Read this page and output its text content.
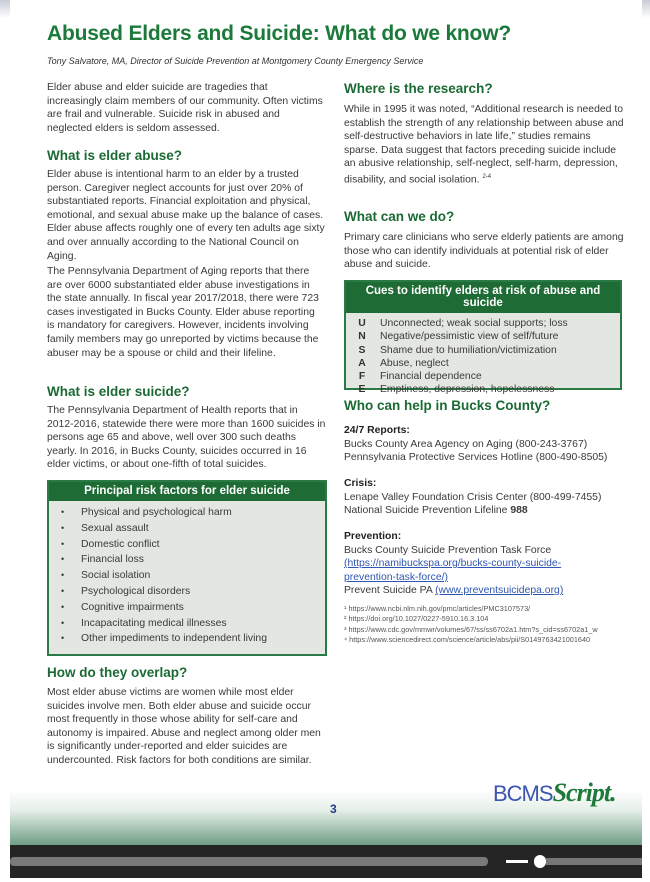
Abused Elders and Suicide: What do we know?
Tony Salvatore, MA, Director of Suicide Prevention at Montgomery County Emergency Service
Elder abuse and elder suicide are tragedies that increasingly claim members of our community. Often victims are frail and vulnerable. Suicide risk in abused and neglected elders is seldom assessed.
What is elder abuse?
Elder abuse is intentional harm to an elder by a trusted person. Caregiver neglect accounts for just over 20% of substantiated reports. Financial exploitation and physical, emotional, and sexual abuse make up the balance of cases. Elder abuse affects roughly one of every ten adults age sixty and over annually according to the National Council on Aging.
The Pennsylvania Department of Aging reports that there are over 6000 substantiated elder abuse investigations in the state annually. In fiscal year 2017/2018, there were 723 cases investigated in Bucks County. Elder abuse reporting is mandatory for caregivers. However, incidents involving family members may go unreported by victims because the abuser may be a spouse or child and their lifeline.
What is elder suicide?
The Pennsylvania Department of Health reports that in 2012-2016, statewide there were more than 1600 suicides in persons age 65 and above, well over 300 such deaths yearly. In 2016, in Bucks County, suicides occurred in 16 elder victims, or about one-fifth of total suicides.
Principal risk factors for elder suicide
• Physical and psychological harm
• Sexual assault
• Domestic conflict
• Financial loss
• Social isolation
• Psychological disorders
• Cognitive impairments
• Incapacitating medical illnesses
• Other impediments to independent living
How do they overlap?
Most elder abuse victims are women while most elder suicides involve men. Both elder abuse and suicide occur most frequently in those whose ability for self-care and autonomy is impaired. Abuse and neglect among older men is significantly under-reported and elder suicides are undercounted. Risk factors for both conditions are similar.
Where is the research?
While in 1995 it was noted, “Additional research is needed to establish the strength of any relationship between abuse and self-destructive behaviors in late life,” studies remains sparse. Data suggest that factors preceding suicide include an abusive relationship, self-neglect, self-harm, depression, disability, and social isolation. $^{2-4}$
What can we do?
Primary care clinicians who serve elderly patients are among those who can identify individuals at potential risk of elder abuse and suicide.
Cues to identify elders at risk of abuse and suicide
U	Unconnected; weak social supports; loss
N	Negative/pessimistic view of self/future
S	Shame due to humiliation/victimization
A	Abuse, neglect
F	Financial dependence
E	Emptiness, depression, hopelessness
Who can help in Bucks County?
24/7 Reports:
Bucks County Area Agency on Aging (800-243-3767)
Pennsylvania Protective Services Hotline (800-490-8505)
Crisis:
Lenape Valley Foundation Crisis Center (800-499-7455)
National Suicide Prevention Lifeline 988
Prevention:
Bucks County Suicide Prevention Task Force (https://namibuckspa.org/bucks-county-suicide-prevention-task-force/)
Prevent Suicide PA (www.preventsuicidepa.org)
¹ https://www.ncbi.nlm.nih.gov/pmc/articles/PMC3107573/
² https://doi.org/10.1027/0227-5910.16.3.104
³ https://www.cdc.gov/mmwr/volumes/67/ss/ss6702a1.htm?s_cid=ss6702a1_w
⁴ https://www.sciencedirect.com/science/article/abs/pii/S0149763421001640
BCMSScript.
3
